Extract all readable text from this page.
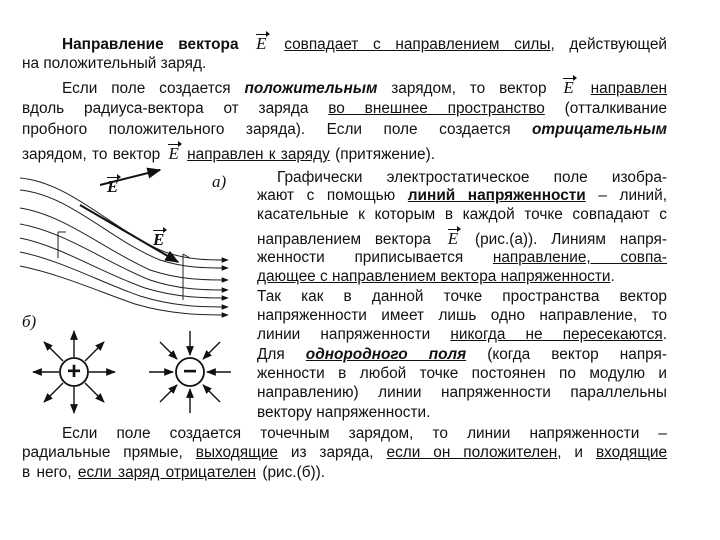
Направление вектора E совпадает с направлением силы, действующей
на положительный заряд.
Если поле создается положительным зарядом, то вектор E направлен
вдоль радиуса-вектора от заряда во внешнее пространство (отталкивание
пробного положительного заряда). Если поле создается отрицательным
зарядом, то вектор E направлен к заряду (притяжение).
Графически электростатическое поле изобра-
жают с помощью линий напряженности – линий,
касательные к которым в каждой точке совпадают с
направлением вектора E (рис.(а)). Линиям напря-
женности приписывается направление, совпа-
дающее с направлением вектора напряженности.
Так как в данной точке пространства вектор
напряженности имеет лишь одно направление, то
линии напряженности никогда не пересекаются.
Для однородного поля (когда вектор напря-
женности в любой точке постоянен по модулю и
направлению) линии напряженности параллельны
вектору напряженности.
Если поле создается точечным зарядом, то линии напряженности –
радиальные прямые, выходящие из заряда, если он положителен, и входящие
в него, если заряд отрицателен (рис.(б)).
а)
б)
E
E
+	−
